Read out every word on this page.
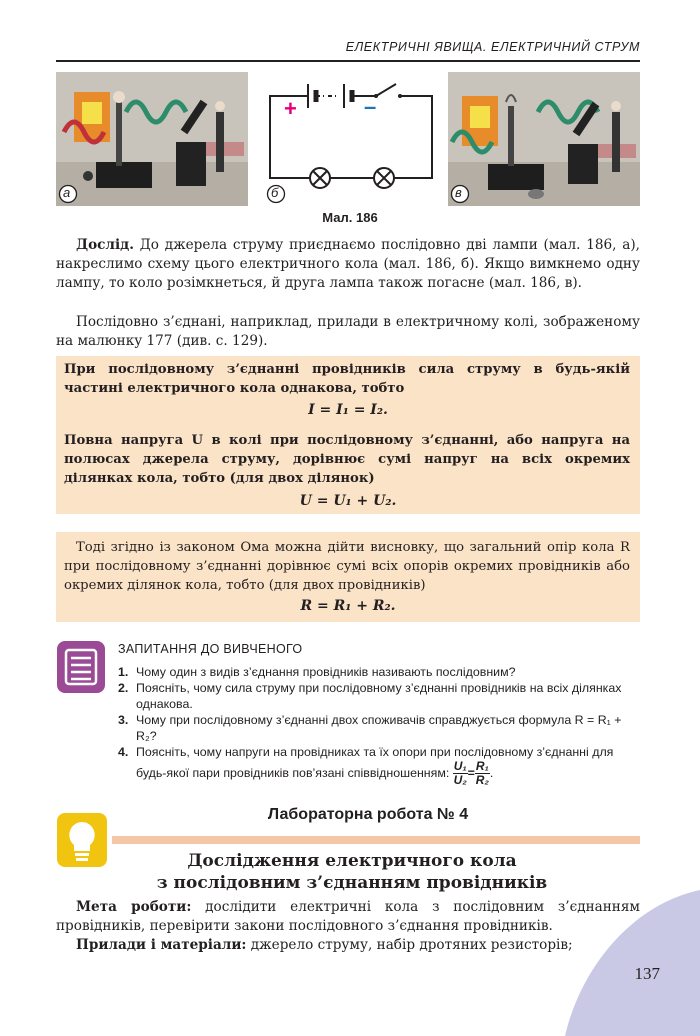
ЕЛЕКТРИЧНІ ЯВИЩА. ЕЛЕКТРИЧНИЙ СТРУМ
а
+	–
б	в
Мал. 186
Дослід. До джерела струму приєднаємо послідовно дві лампи (мал. 186, а), накреслимо схему цього електричного кола (мал. 186, б). Якщо вимкнемо одну лампу, то коло розімкнеться, й друга лампа також погасне (мал. 186, в).
Послідовно з’єднані, наприклад, прилади в електричному колі, зображеному на малюнку 177 (див. с. 129).
При послідовному з’єднанні провідників сила струму в будь-якій частині електричного кола однакова, тобто
I = I₁ = I₂.
Повна напруга U в колі при послідовному з’єднанні, або напруга на полюсах джерела струму, дорівнює сумі напруг на всіх окремих ділянках кола, тобто (для двох ділянок)
U = U₁ + U₂.
Тоді згідно із законом Ома можна дійти висновку, що загальний опір кола R при послідовному з’єднанні дорівнює сумі всіх опорів окремих провідників або окремих ділянок кола, тобто (для двох провідників)
R = R₁ + R₂.
ЗАПИТАННЯ ДО ВИВЧЕНОГО
1. Чому один з видів з’єднання провідників називають послідовним?
2. Поясніть, чому сила струму при послідовному з’єднанні провідників на всіх ділянках однакова.
3. Чому при послідовному з’єднанні двох споживачів справджується формула R = R₁ + R₂?
4. Поясніть, чому напруги на провідниках та їх опори при послідовному з’єднанні для будь-якої пари провідників пов’язані співвідношенням: $\frac{\text{U₁}}{\text{U₂}} = \frac{\text{R₁}}{\text{R₂}}$ .
Лабораторна робота № 4
Дослідження електричного кола
з послідовним з’єднанням провідників
Мета роботи: дослідити електричні кола з послідовним з’єднанням провідників, перевірити закони послідовного з’єднання провідників.
Прилади і матеріали: джерело струму, набір дротяних резисторів;
137
